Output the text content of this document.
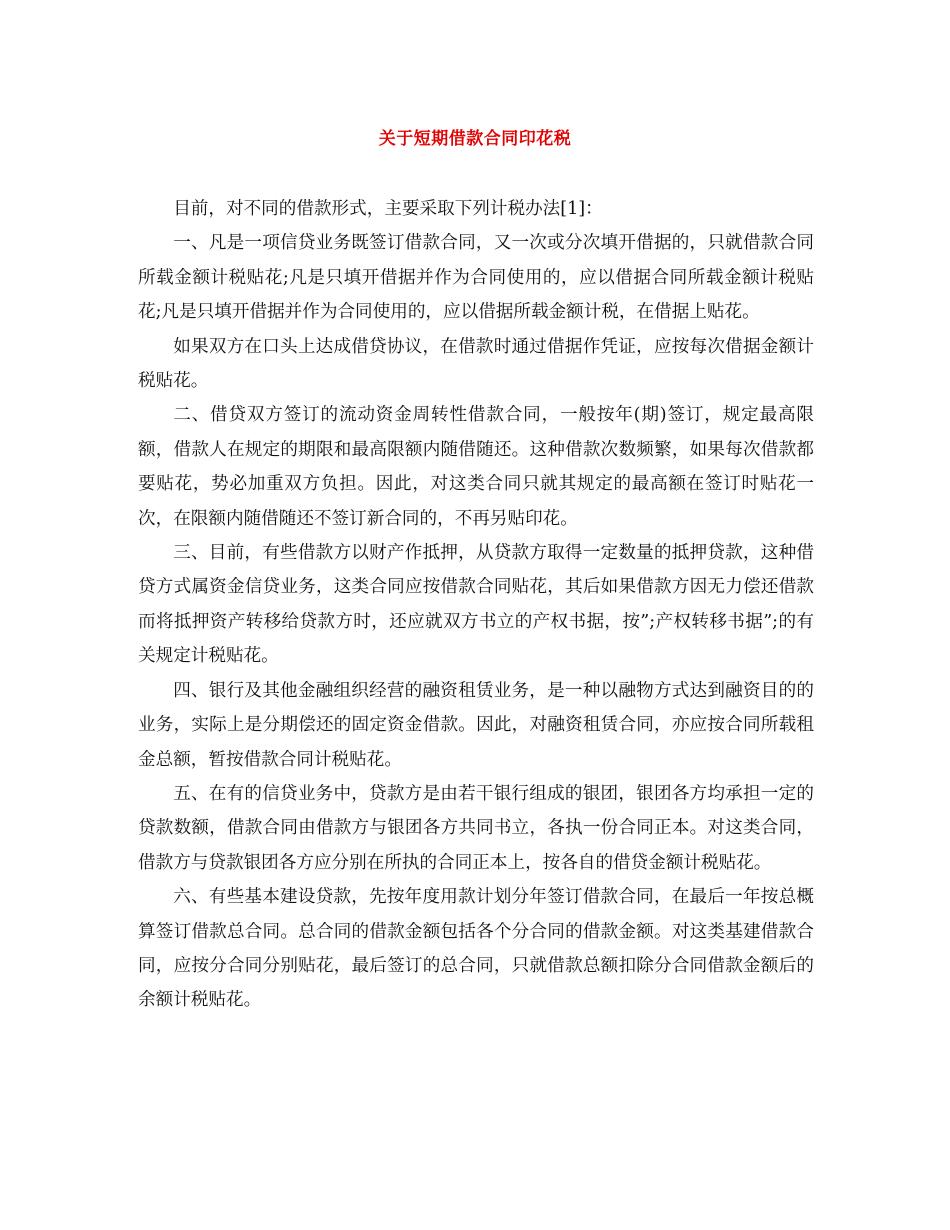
关于短期借款合同印花税

目前，对不同的借款形式，主要采取下列计税办法[1]：

一、凡是一项信贷业务既签订借款合同，又一次或分次填开借据的，只就借款合同所载金额计税贴花;凡是只填开借据并作为合同使用的，应以借据合同所载金额计税贴花;凡是只填开借据并作为合同使用的，应以借据所载金额计税，在借据上贴花。

如果双方在口头上达成借贷协议，在借款时通过借据作凭证，应按每次借据金额计税贴花。

二、借贷双方签订的流动资金周转性借款合同，一般按年(期)签订，规定最高限额，借款人在规定的期限和最高限额内随借随还。这种借款次数频繁，如果每次借款都要贴花，势必加重双方负担。因此，对这类合同只就其规定的最高额在签订时贴花一次，在限额内随借随还不签订新合同的，不再另贴印花。

三、目前，有些借款方以财产作抵押，从贷款方取得一定数量的抵押贷款，这种借贷方式属资金信贷业务，这类合同应按借款合同贴花，其后如果借款方因无力偿还借款而将抵押资产转移给贷款方时，还应就双方书立的产权书据，按”;产权转移书据”;的有关规定计税贴花。

四、银行及其他金融组织经营的融资租赁业务，是一种以融物方式达到融资目的的业务，实际上是分期偿还的固定资金借款。因此，对融资租赁合同，亦应按合同所载租金总额，暂按借款合同计税贴花。

五、在有的信贷业务中，贷款方是由若干银行组成的银团，银团各方均承担一定的贷款数额，借款合同由借款方与银团各方共同书立，各执一份合同正本。对这类合同，借款方与贷款银团各方应分别在所执的合同正本上，按各自的借贷金额计税贴花。

六、有些基本建设贷款，先按年度用款计划分年签订借款合同，在最后一年按总概算签订借款总合同。总合同的借款金额包括各个分合同的借款金额。对这类基建借款合同，应按分合同分别贴花，最后签订的总合同，只就借款总额扣除分合同借款金额后的余额计税贴花。
